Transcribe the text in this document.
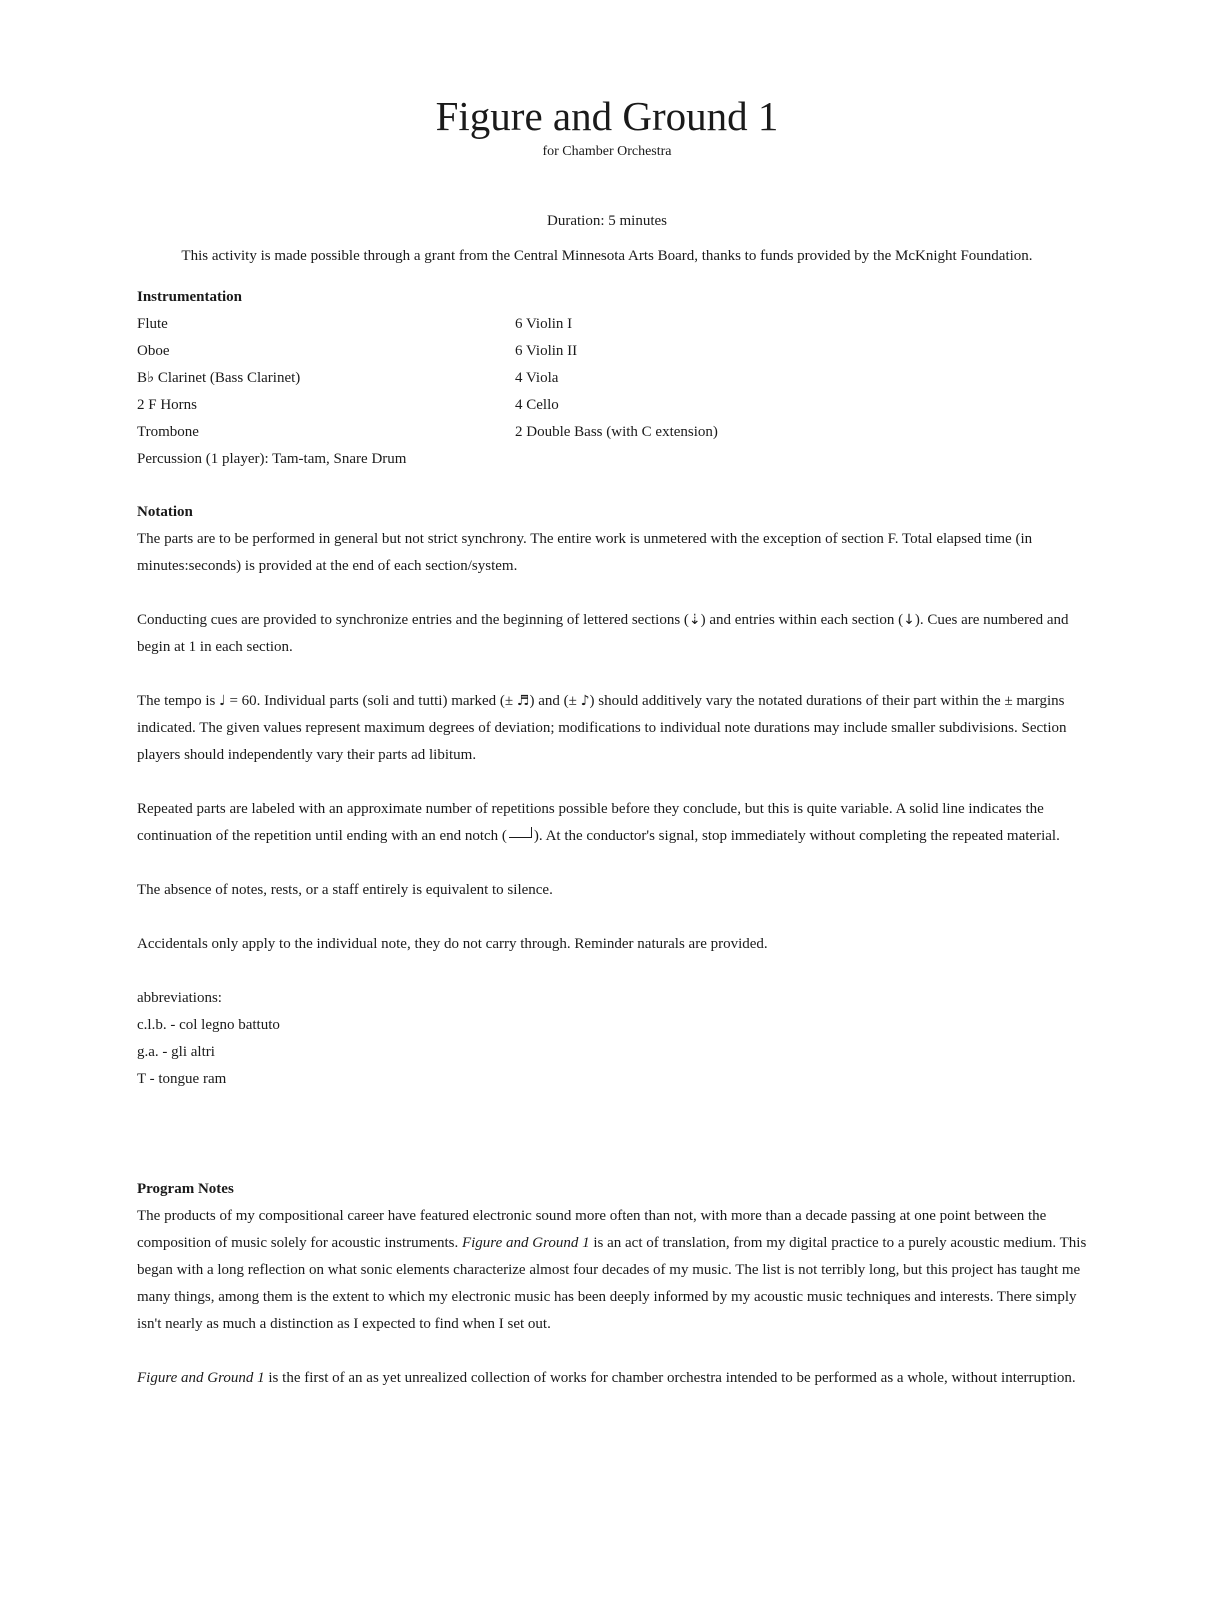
Figure and Ground 1
for Chamber Orchestra
Duration: 5 minutes
This activity is made possible through a grant from the Central Minnesota Arts Board, thanks to funds provided by the McKnight Foundation.
Instrumentation
Flute	6 Violin I
Oboe	6 Violin II
B♭ Clarinet (Bass Clarinet)	4 Viola
2 F Horns	4 Cello
Trombone	2 Double Bass (with C extension)
Percussion (1 player): Tam-tam, Snare Drum
Notation

The parts are to be performed in general but not strict synchrony. The entire work is unmetered with the exception of section F. Total elapsed time (in minutes:seconds) is provided at the end of each section/system.

Conducting cues are provided to synchronize entries and the beginning of lettered sections (⇣) and entries within each section (↓). Cues are numbered and begin at 1 in each section.

The tempo is ♩ = 60. Individual parts (soli and tutti) marked (± ♬) and (± ♪) should additively vary the notated durations of their part within the ± margins indicated. The given values represent maximum degrees of deviation; modifications to individual note durations may include smaller subdivisions. Section players should independently vary their parts ad libitum.

Repeated parts are labeled with an approximate number of repetitions possible before they conclude, but this is quite variable. A solid line indicates the continuation of the repetition until ending with an end notch ( ). At the conductor's signal, stop immediately without completing the repeated material.

The absence of notes, rests, or a staff entirely is equivalent to silence.

Accidentals only apply to the individual note, they do not carry through. Reminder naturals are provided.

abbreviations:
c.l.b. - col legno battuto
g.a. - gli altri
T - tongue ram
Program Notes

The products of my compositional career have featured electronic sound more often than not, with more than a decade passing at one point between the composition of music solely for acoustic instruments. Figure and Ground 1 is an act of translation, from my digital practice to a purely acoustic medium. This began with a long reflection on what sonic elements characterize almost four decades of my music. The list is not terribly long, but this project has taught me many things, among them is the extent to which my electronic music has been deeply informed by my acoustic music techniques and interests. There simply isn't nearly as much a distinction as I expected to find when I set out.

Figure and Ground 1 is the first of an as yet unrealized collection of works for chamber orchestra intended to be performed as a whole, without interruption.
